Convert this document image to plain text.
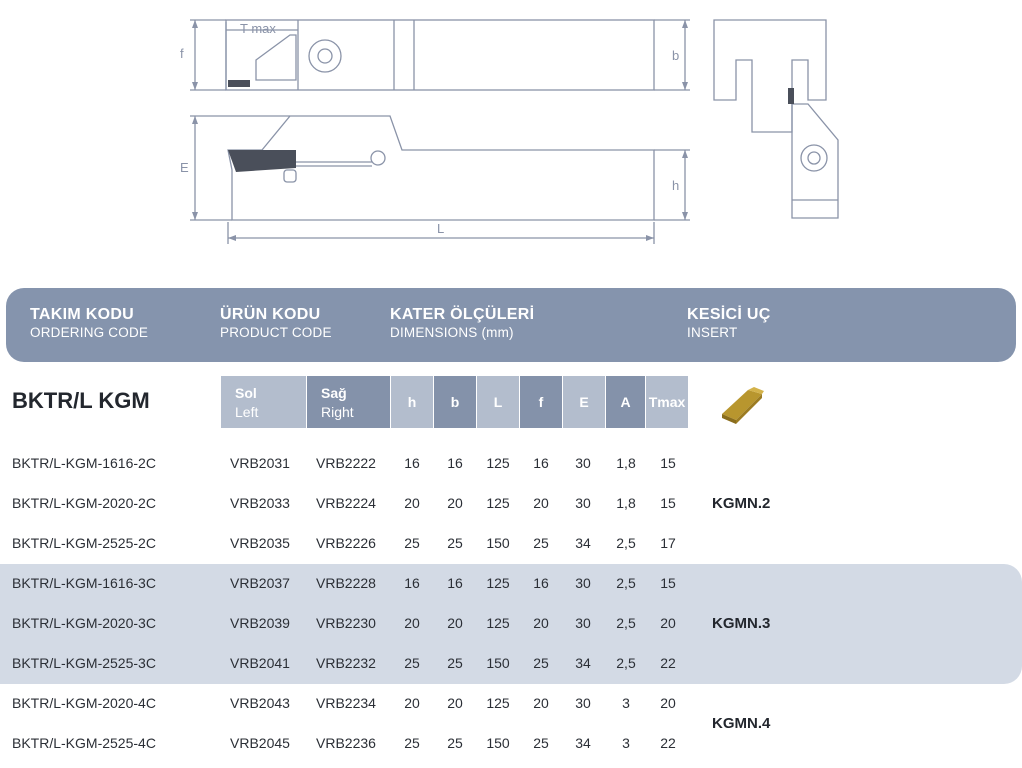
T max
f	b
E
h
L
TAKIM KODU
ORDERING CODE
ÜRÜN KODU
PRODUCT CODE
KATER ÖLÇÜLERİ
DIMENSIONS (mm)
KESİCİ UÇ
INSERT
BKTR/L KGM	Sol
Left
Sağ
Right
h	b	L	f	E	A	Tmax
BKTR/L-KGM-1616-2C	VRB2031 VRB2222	16	16	125	16	30	1,8	15
BKTR/L-KGM-2020-2C	VRB2033 VRB2224	20	20	125	20	30	1,8	15
BKTR/L-KGM-2525-2C	VRB2035 VRB2226	25	25	150	25	34	2,5	17
BKTR/L-KGM-1616-3C	VRB2037 VRB2228	16	16	125	16	30	2,5	15
BKTR/L-KGM-2020-3C	VRB2039 VRB2230	20	20	125	20	30	2,5	20
BKTR/L-KGM-2525-3C	VRB2041 VRB2232	25	25	150	25	34	2,5	22
BKTR/L-KGM-2020-4C	VRB2043 VRB2234	20	20	125	20	30	3	20
BKTR/L-KGM-2525-4C	VRB2045 VRB2236	25	25	150	25	34	3	22
KGMN.2
KGMN.3
KGMN.4
